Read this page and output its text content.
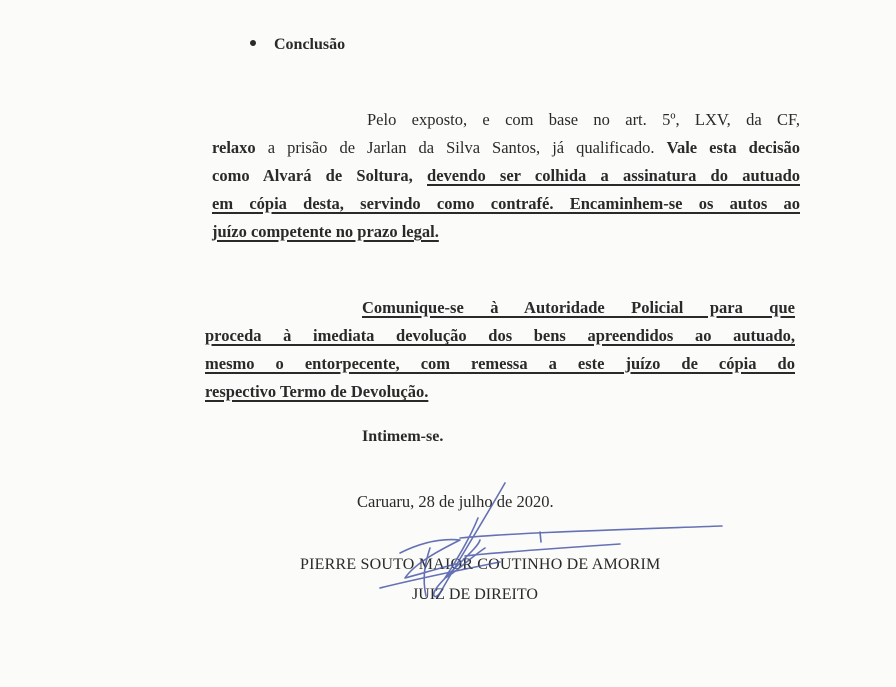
Conclusão
Pelo exposto, e com base no art. 5º, LXV, da CF,
relaxo a prisão de Jarlan da Silva Santos, já qualificado. Vale esta decisão
como Alvará de Soltura, devendo ser colhida a assinatura do autuado
em cópia desta, servindo como contrafé. Encaminhem-se os autos ao
juízo competente no prazo legal.
Comunique-se à Autoridade Policial para que
proceda à imediata devolução dos bens apreendidos ao autuado,
mesmo o entorpecente, com remessa a este juízo de cópia do
respectivo Termo de Devolução.
Intimem-se.
Caruaru, 28 de julho de 2020.
PIERRE SOUTO MAIOR COUTINHO DE AMORIM
JUIZ DE DIREITO
